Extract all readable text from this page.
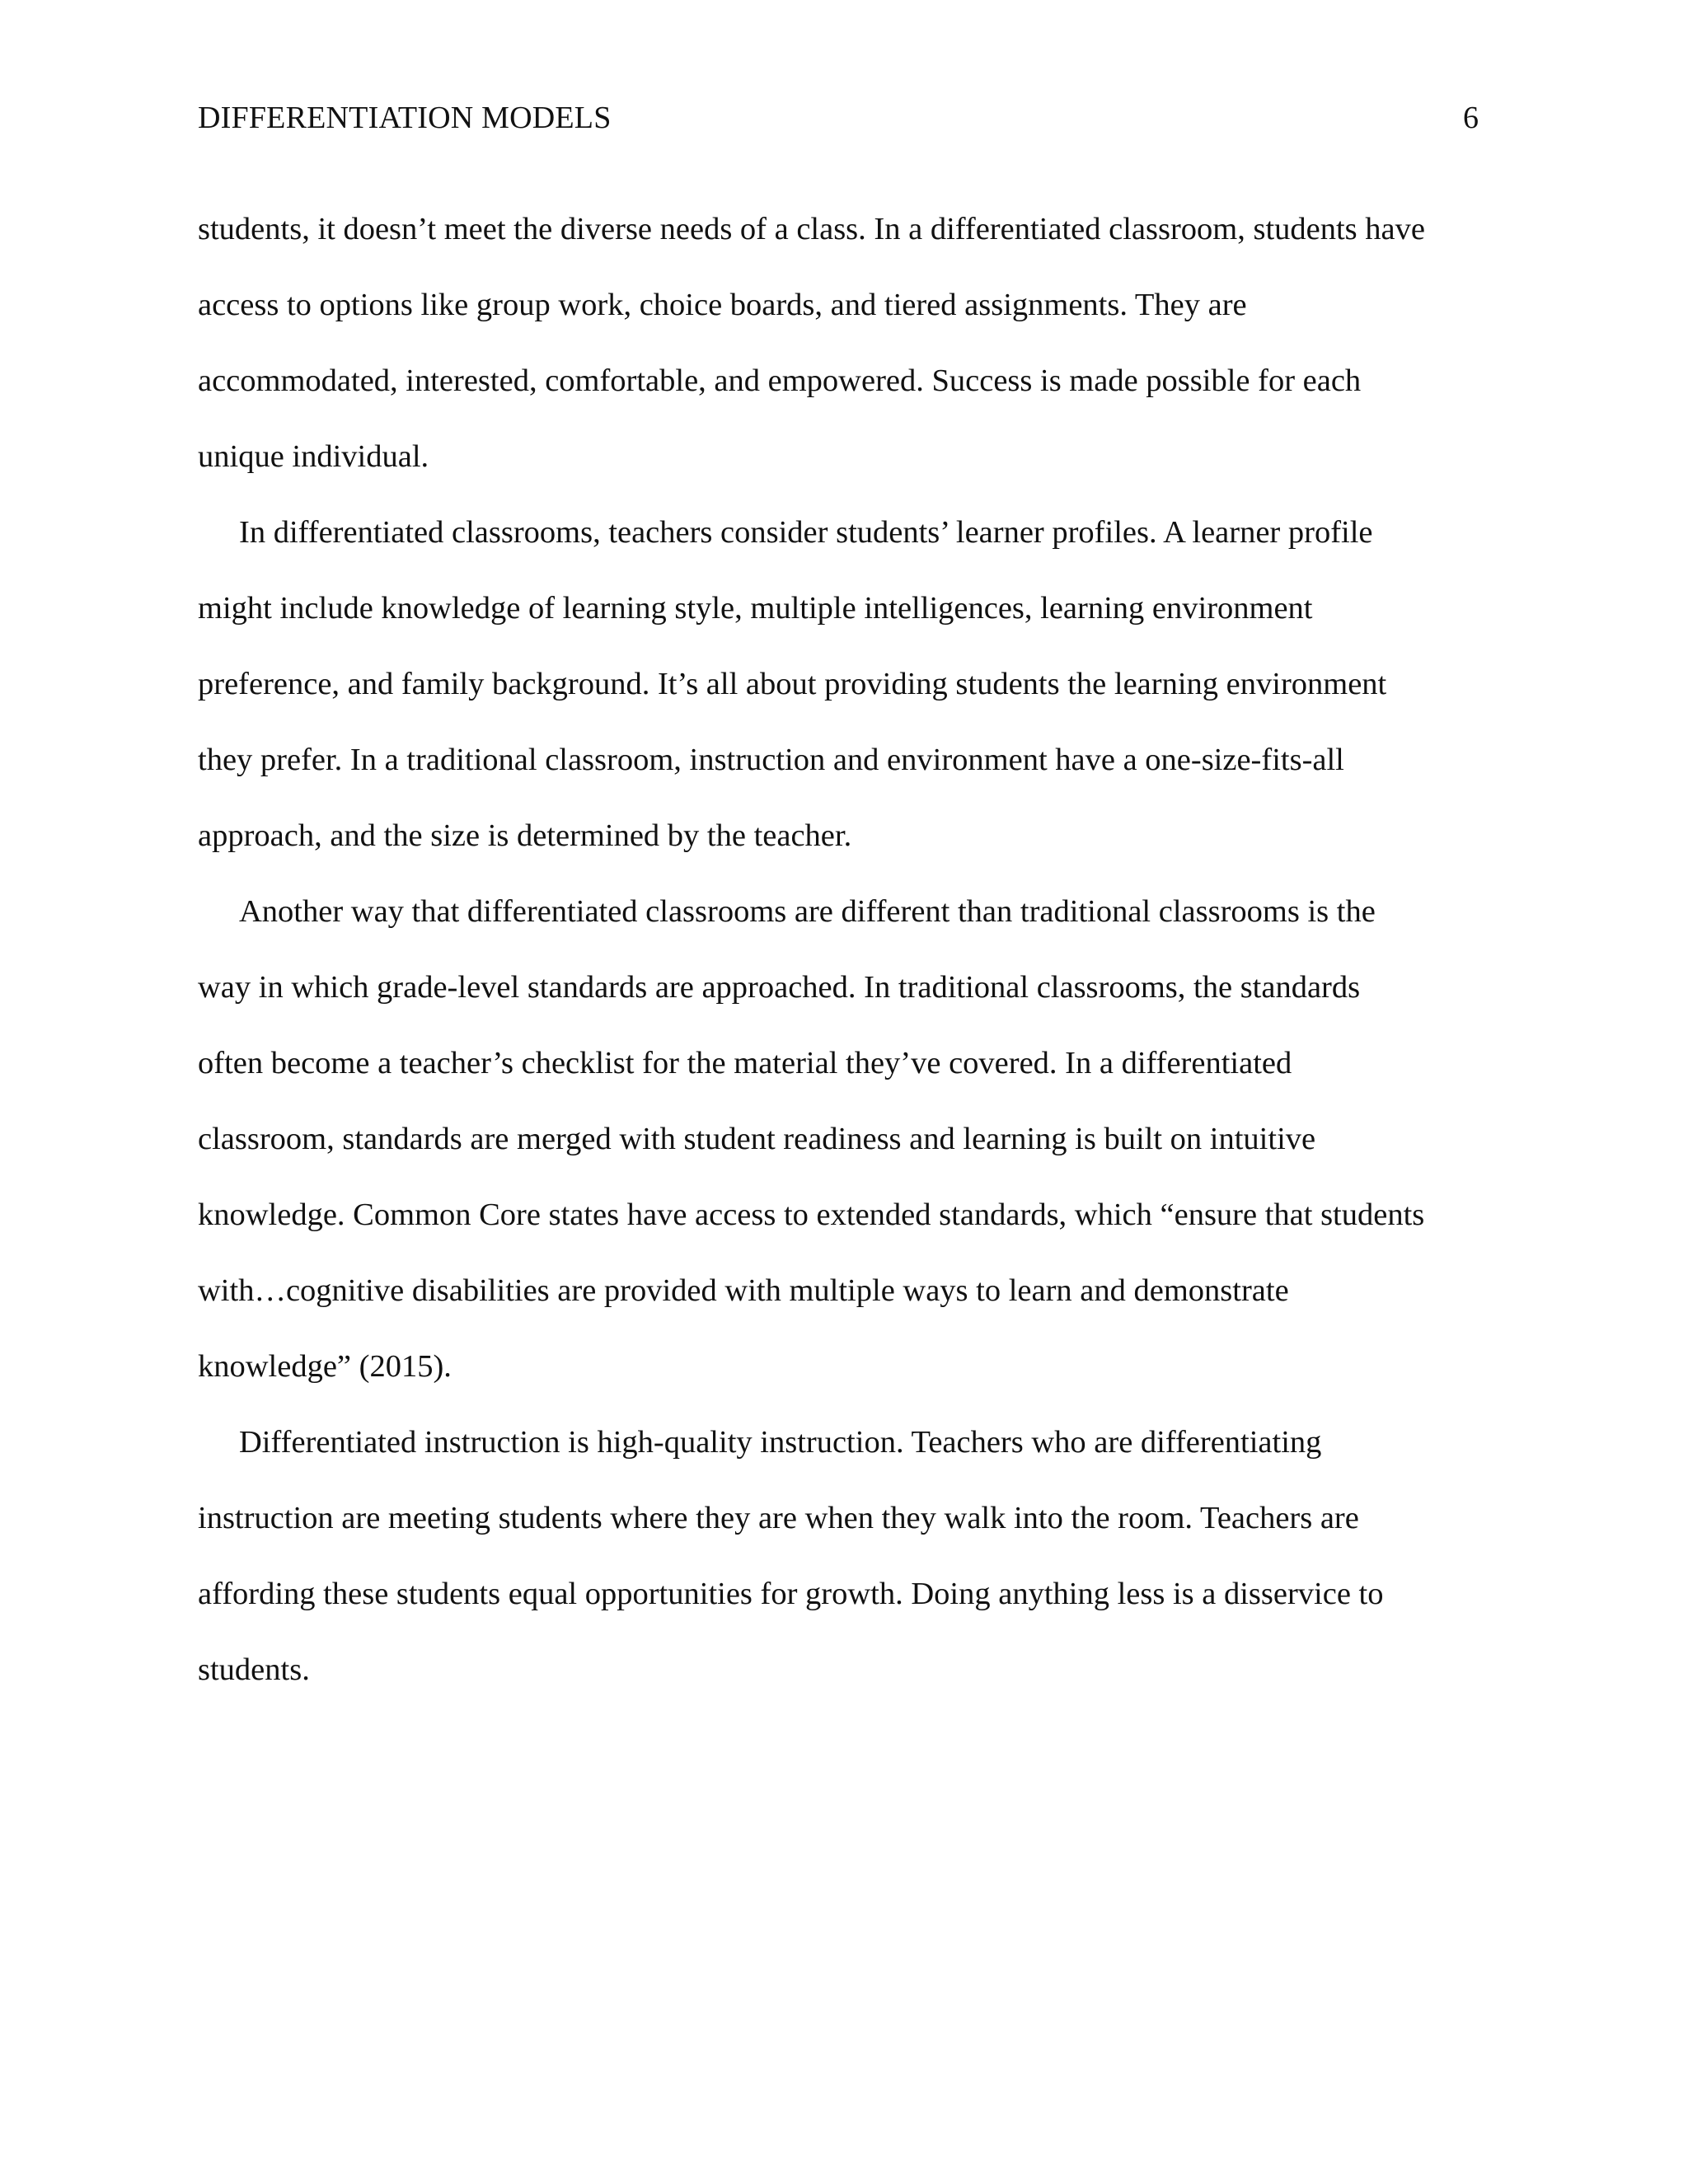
DIFFERENTIATION MODELS	6
students, it doesn’t meet the diverse needs of a class. In a differentiated classroom, students have
access to options like group work, choice boards, and tiered assignments. They are
accommodated, interested, comfortable, and empowered. Success is made possible for each
unique individual.
In differentiated classrooms, teachers consider students’ learner profiles. A learner profile
might include knowledge of learning style, multiple intelligences, learning environment
preference, and family background. It’s all about providing students the learning environment
they prefer. In a traditional classroom, instruction and environment have a one-size-fits-all
approach, and the size is determined by the teacher.
Another way that differentiated classrooms are different than traditional classrooms is the
way in which grade-level standards are approached. In traditional classrooms, the standards
often become a teacher’s checklist for the material they’ve covered. In a differentiated
classroom, standards are merged with student readiness and learning is built on intuitive
knowledge. Common Core states have access to extended standards, which “ensure that students
with…cognitive disabilities are provided with multiple ways to learn and demonstrate
knowledge” (2015).
Differentiated instruction is high-quality instruction. Teachers who are differentiating
instruction are meeting students where they are when they walk into the room. Teachers are
affording these students equal opportunities for growth. Doing anything less is a disservice to
students.
